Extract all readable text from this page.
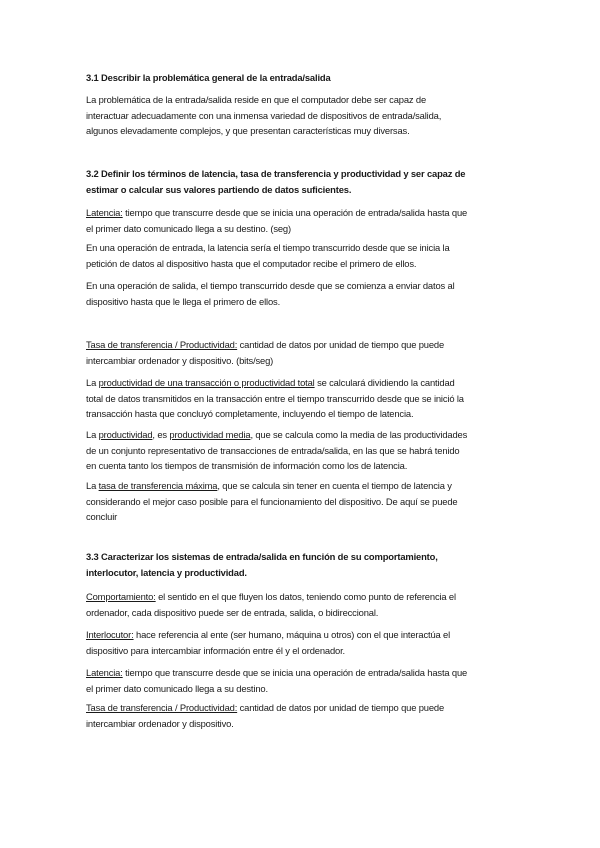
3.1 Describir la problemática general de la entrada/salida
La problemática de la entrada/salida reside en que el computador debe ser capaz de
interactuar adecuadamente con una inmensa variedad de dispositivos de entrada/salida,
algunos elevadamente complejos, y que presentan características muy diversas.
3.2 Definir los términos de latencia, tasa de transferencia y productividad y ser capaz de
estimar o calcular sus valores partiendo de datos suficientes.
Latencia: tiempo que transcurre desde que se inicia una operación de entrada/salida hasta que
el primer dato comunicado llega a su destino. (seg)
En una operación de entrada, la latencia sería el tiempo transcurrido desde que se inicia la
petición de datos al dispositivo hasta que el computador recibe el primero de ellos.
En una operación de salida, el tiempo transcurrido desde que se comienza a enviar datos al
dispositivo hasta que le llega el primero de ellos.
Tasa de transferencia / Productividad: cantidad de datos por unidad de tiempo que puede
intercambiar ordenador y dispositivo. (bits/seg)
La productividad de una transacción o productividad total se calculará dividiendo la cantidad
total de datos transmitidos en la transacción entre el tiempo transcurrido desde que se inició la
transacción hasta que concluyó completamente, incluyendo el tiempo de latencia.
La productividad, es productividad media, que se calcula como la media de las productividades
de un conjunto representativo de transacciones de entrada/salida, en las que se habrá tenido
en cuenta tanto los tiempos de transmisión de información como los de latencia.
La tasa de transferencia máxima, que se calcula sin tener en cuenta el tiempo de latencia y
considerando el mejor caso posible para el funcionamiento del dispositivo. De aquí se puede
concluir
3.3 Caracterizar los sistemas de entrada/salida en función de su comportamiento,
interlocutor, latencia y productividad.
Comportamiento: el sentido en el que fluyen los datos, teniendo como punto de referencia el
ordenador, cada dispositivo puede ser de entrada, salida, o bidireccional.
Interlocutor: hace referencia al ente (ser humano, máquina u otros) con el que interactúa el
dispositivo para intercambiar información entre él y el ordenador.
Latencia: tiempo que transcurre desde que se inicia una operación de entrada/salida hasta que
el primer dato comunicado llega a su destino.
Tasa de transferencia / Productividad: cantidad de datos por unidad de tiempo que puede
intercambiar ordenador y dispositivo.
